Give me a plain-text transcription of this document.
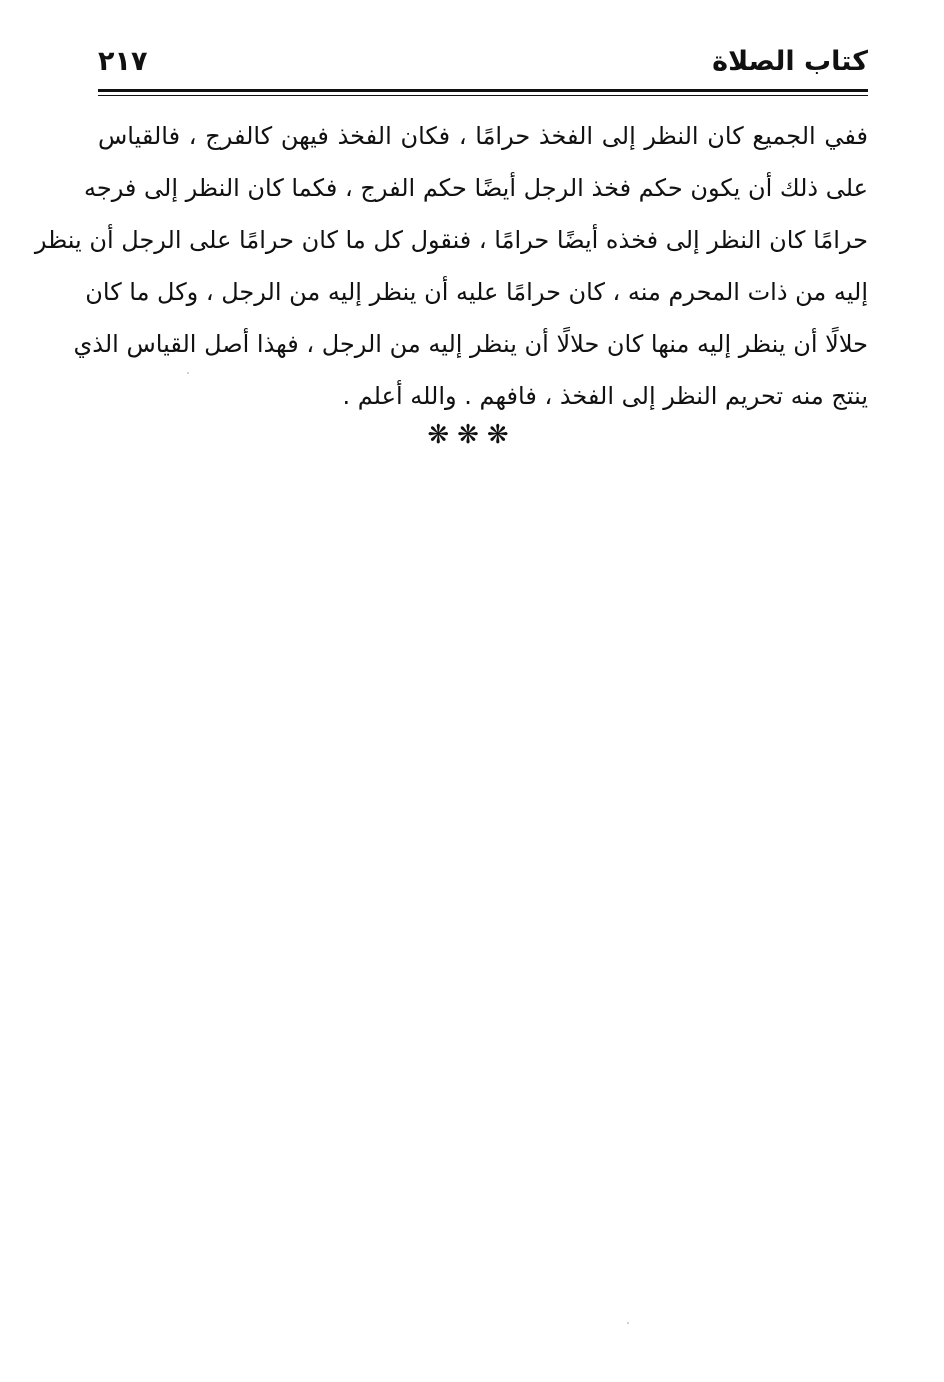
كتاب الصلاة
٢١٧
ففي الجميع كان النظر إلى الفخذ حرامًا ، فكان الفخذ فيهن كالفرج ، فالقياس
على ذلك أن يكون حكم فخذ الرجل أيضًا حكم الفرج ، فكما كان النظر إلى فرجه
حرامًا كان النظر إلى فخذه أيضًا حرامًا ، فنقول كل ما كان حرامًا على الرجل أن ينظر
إليه من ذات المحرم منه ، كان حرامًا عليه أن ينظر إليه من الرجل ، وكل ما كان
حلالًا أن ينظر إليه منها كان حلالًا أن ينظر إليه من الرجل ، فهذا أصل القياس الذي
ينتج منه تحريم النظر إلى الفخذ ، فافهم . والله أعلم .
❋❋❋
